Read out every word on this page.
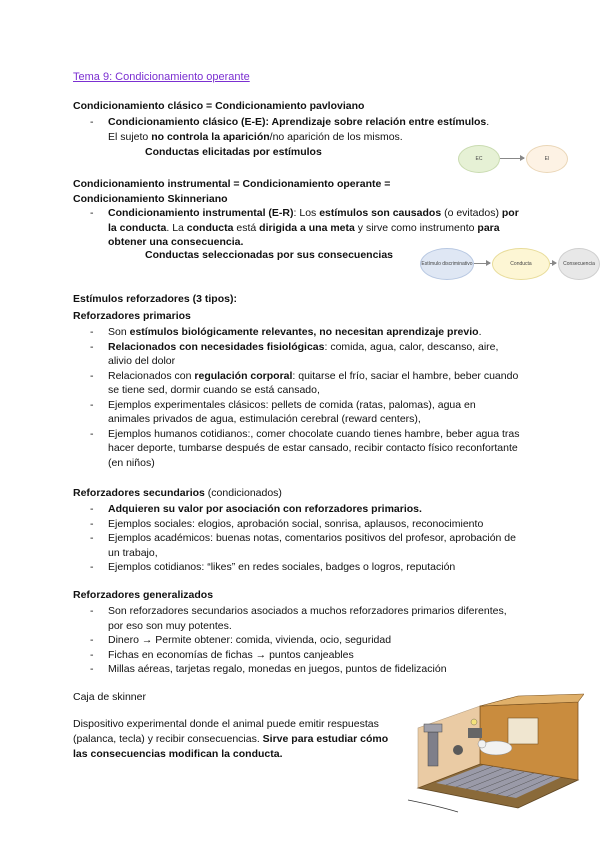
Tema 9: Condicionamiento operante
Condicionamiento clásico = Condicionamiento pavloviano
- Condicionamiento clásico (E-E): Aprendizaje sobre relación entre estímulos.
El sujeto no controla la aparición/no aparición de los mismos.
Conductas elicitadas por estímulos
EC	EI
Condicionamiento instrumental = Condicionamiento operante =
Condicionamiento Skinneriano
- Condicionamiento instrumental (E-R): Los estímulos son causados (o evitados) por la conducta. La conducta está dirigida a una meta y sirve como instrumento para obtener una consecuencia.
Conductas seleccionadas por sus consecuencias
Estímulo discriminativo	Conducta	Consecuencia
Estímulos reforzadores (3 tipos):
Reforzadores primarios
- Son estímulos biológicamente relevantes, no necesitan aprendizaje previo.
- Relacionados con necesidades fisiológicas: comida, agua, calor, descanso, aire, alivio del dolor
- Relacionados con regulación corporal: quitarse el frío, saciar el hambre, beber cuando se tiene sed, dormir cuando se está cansado,
- Ejemplos experimentales clásicos: pellets de comida (ratas, palomas), agua en animales privados de agua, estimulación cerebral (reward centers),
- Ejemplos humanos cotidianos:, comer chocolate cuando tienes hambre, beber agua tras hacer deporte, tumbarse después de estar cansado, recibir contacto físico reconfortante (en niños)
Reforzadores secundarios (condicionados)
- Adquieren su valor por asociación con reforzadores primarios.
- Ejemplos sociales: elogios, aprobación social, sonrisa, aplausos, reconocimiento
- Ejemplos académicos: buenas notas, comentarios positivos del profesor, aprobación de un trabajo,
- Ejemplos cotidianos: “likes” en redes sociales, badges o logros, reputación
Reforzadores generalizados
- Son reforzadores secundarios asociados a muchos reforzadores primarios diferentes, por eso son muy potentes.
- Dinero → Permite obtener: comida, vivienda, ocio, seguridad
- Fichas en economías de fichas → puntos canjeables
- Millas aéreas, tarjetas regalo, monedas en juegos, puntos de fidelización
Caja de skinner
Dispositivo experimental donde el animal puede emitir respuestas (palanca, tecla) y recibir consecuencias. Sirve para estudiar cómo las consecuencias modifican la conducta.
